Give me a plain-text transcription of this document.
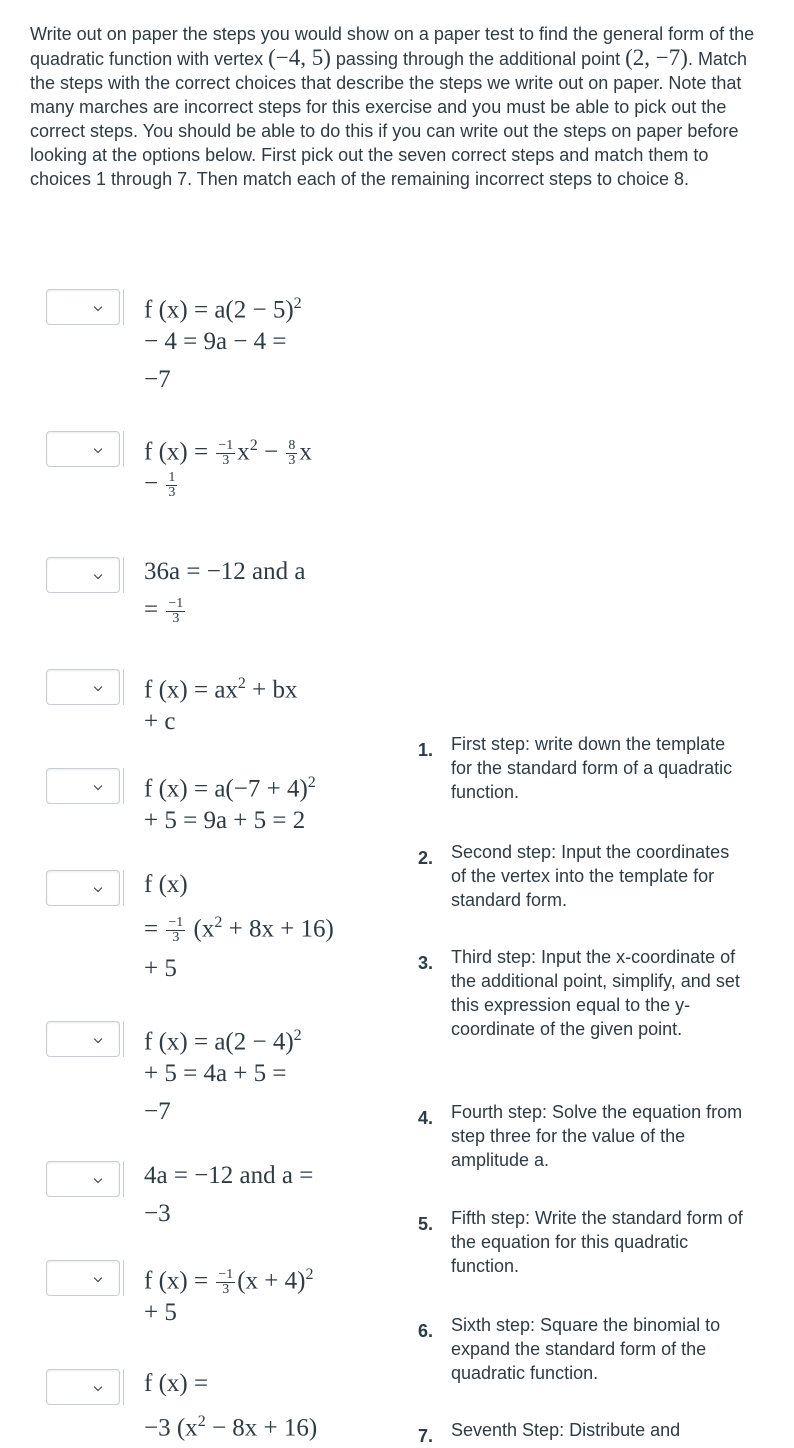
Write out on paper the steps you would show on a paper test to find the general form of the quadratic function with vertex (−4, 5) passing through the additional point (2, −7). Match the steps with the correct choices that describe the steps we write out on paper. Note that many marches are incorrect steps for this exercise and you must be able to pick out the correct steps. You should be able to do this if you can write out the steps on paper before looking at the options below. First pick out the seven correct steps and match them to choices 1 through 7. Then match each of the remaining incorrect steps to choice 8.
f $(x) = a(2 - 5)^2$
− 4 = 9a − 4 =
−7
f $(x) = \frac{-1}{3} x^2 - \frac{8}{3}$ x
− $\frac{1}{3}$
36a = −12 and a
= $\frac{-1}{3}$
f $(x) = ax^2$ + bx
+ c
f $(x) = a(-7 + 4)^2$
+ 5 = 9a + 5 = 2
f (x)
= $\frac{-1}{3} (x^2 + 8x + 16)$
+ 5
f $(x) = a(2 - 4)^2$
+ 5 = 4a + 5 =
−7
4a = −12 and a =
−3
f $(x) = \frac{-1}{3} (x + 4)^2$
+ 5
f (x) =
−3 $(x^2 - 8x + 16)$
1. First step: write down the template for the standard form of a quadratic function.
2. Second step: Input the coordinates of the vertex into the template for standard form.
3. Third step: Input the x-coordinate of the additional point, simplify, and set this expression equal to the y-coordinate of the given point.
4. Fourth step: Solve the equation from step three for the value of the amplitude a.
5. Fifth step: Write the standard form of the equation for this quadratic function.
6. Sixth step: Square the binomial to expand the standard form of the quadratic function.
7. Seventh Step: Distribute and
